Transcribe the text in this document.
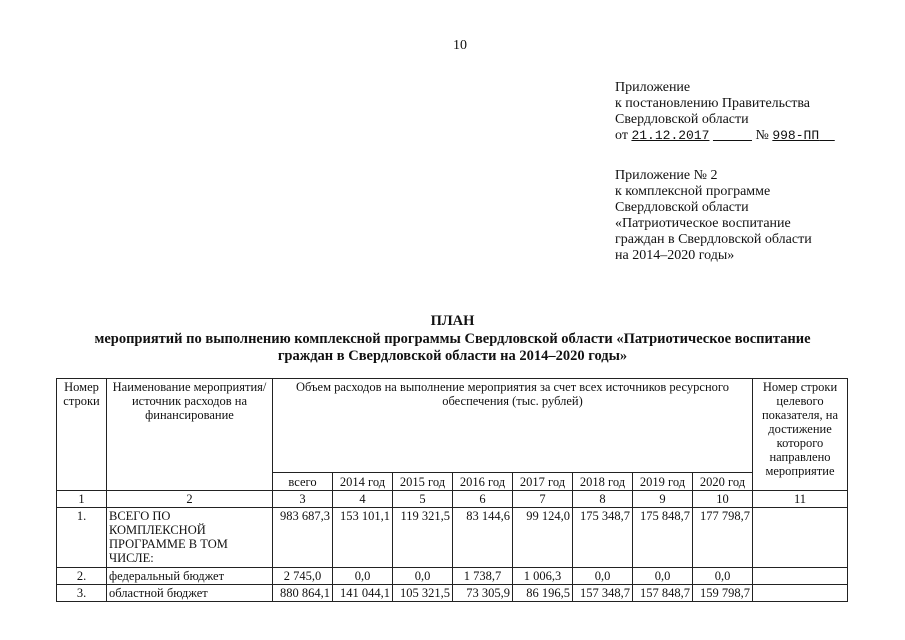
10
Приложение
к постановлению Правительства
Свердловской области
от 21.12.2017	№ 998-ПП
Приложение № 2
к комплексной программе
Свердловской области
«Патриотическое воспитание
граждан в Свердловской области
на 2014–2020 годы»
ПЛАН
мероприятий по выполнению комплексной программы Свердловской области «Патриотическое воспитание
граждан в Свердловской области на 2014–2020 годы»
Номер строки	Наименование мероприятия/ источник расходов на финансирование	Объем расходов на выполнение мероприятия за счет всех источников ресурсного обеспечения (тыс. рублей)								Номер строки целевого показателя, на достижение которого направлено мероприятие
		всего	2014 год	2015 год	2016 год	2017 год	2018 год	2019 год	2020 год	
1	2	3	4	5	6	7	8	9	10	11
1.	ВСЕГО ПО КОМПЛЕКСНОЙ ПРОГРАММЕ В ТОМ ЧИСЛЕ:	983 687,3	153 101,1	119 321,5	83 144,6	99 124,0	175 348,7	175 848,7	177 798,7	
2.	федеральный бюджет	2 745,0	0,0	0,0	1 738,7	1 006,3	0,0	0,0	0,0	
3.	областной бюджет	880 864,1	141 044,1	105 321,5	73 305,9	86 196,5	157 348,7	157 848,7	159 798,7	
